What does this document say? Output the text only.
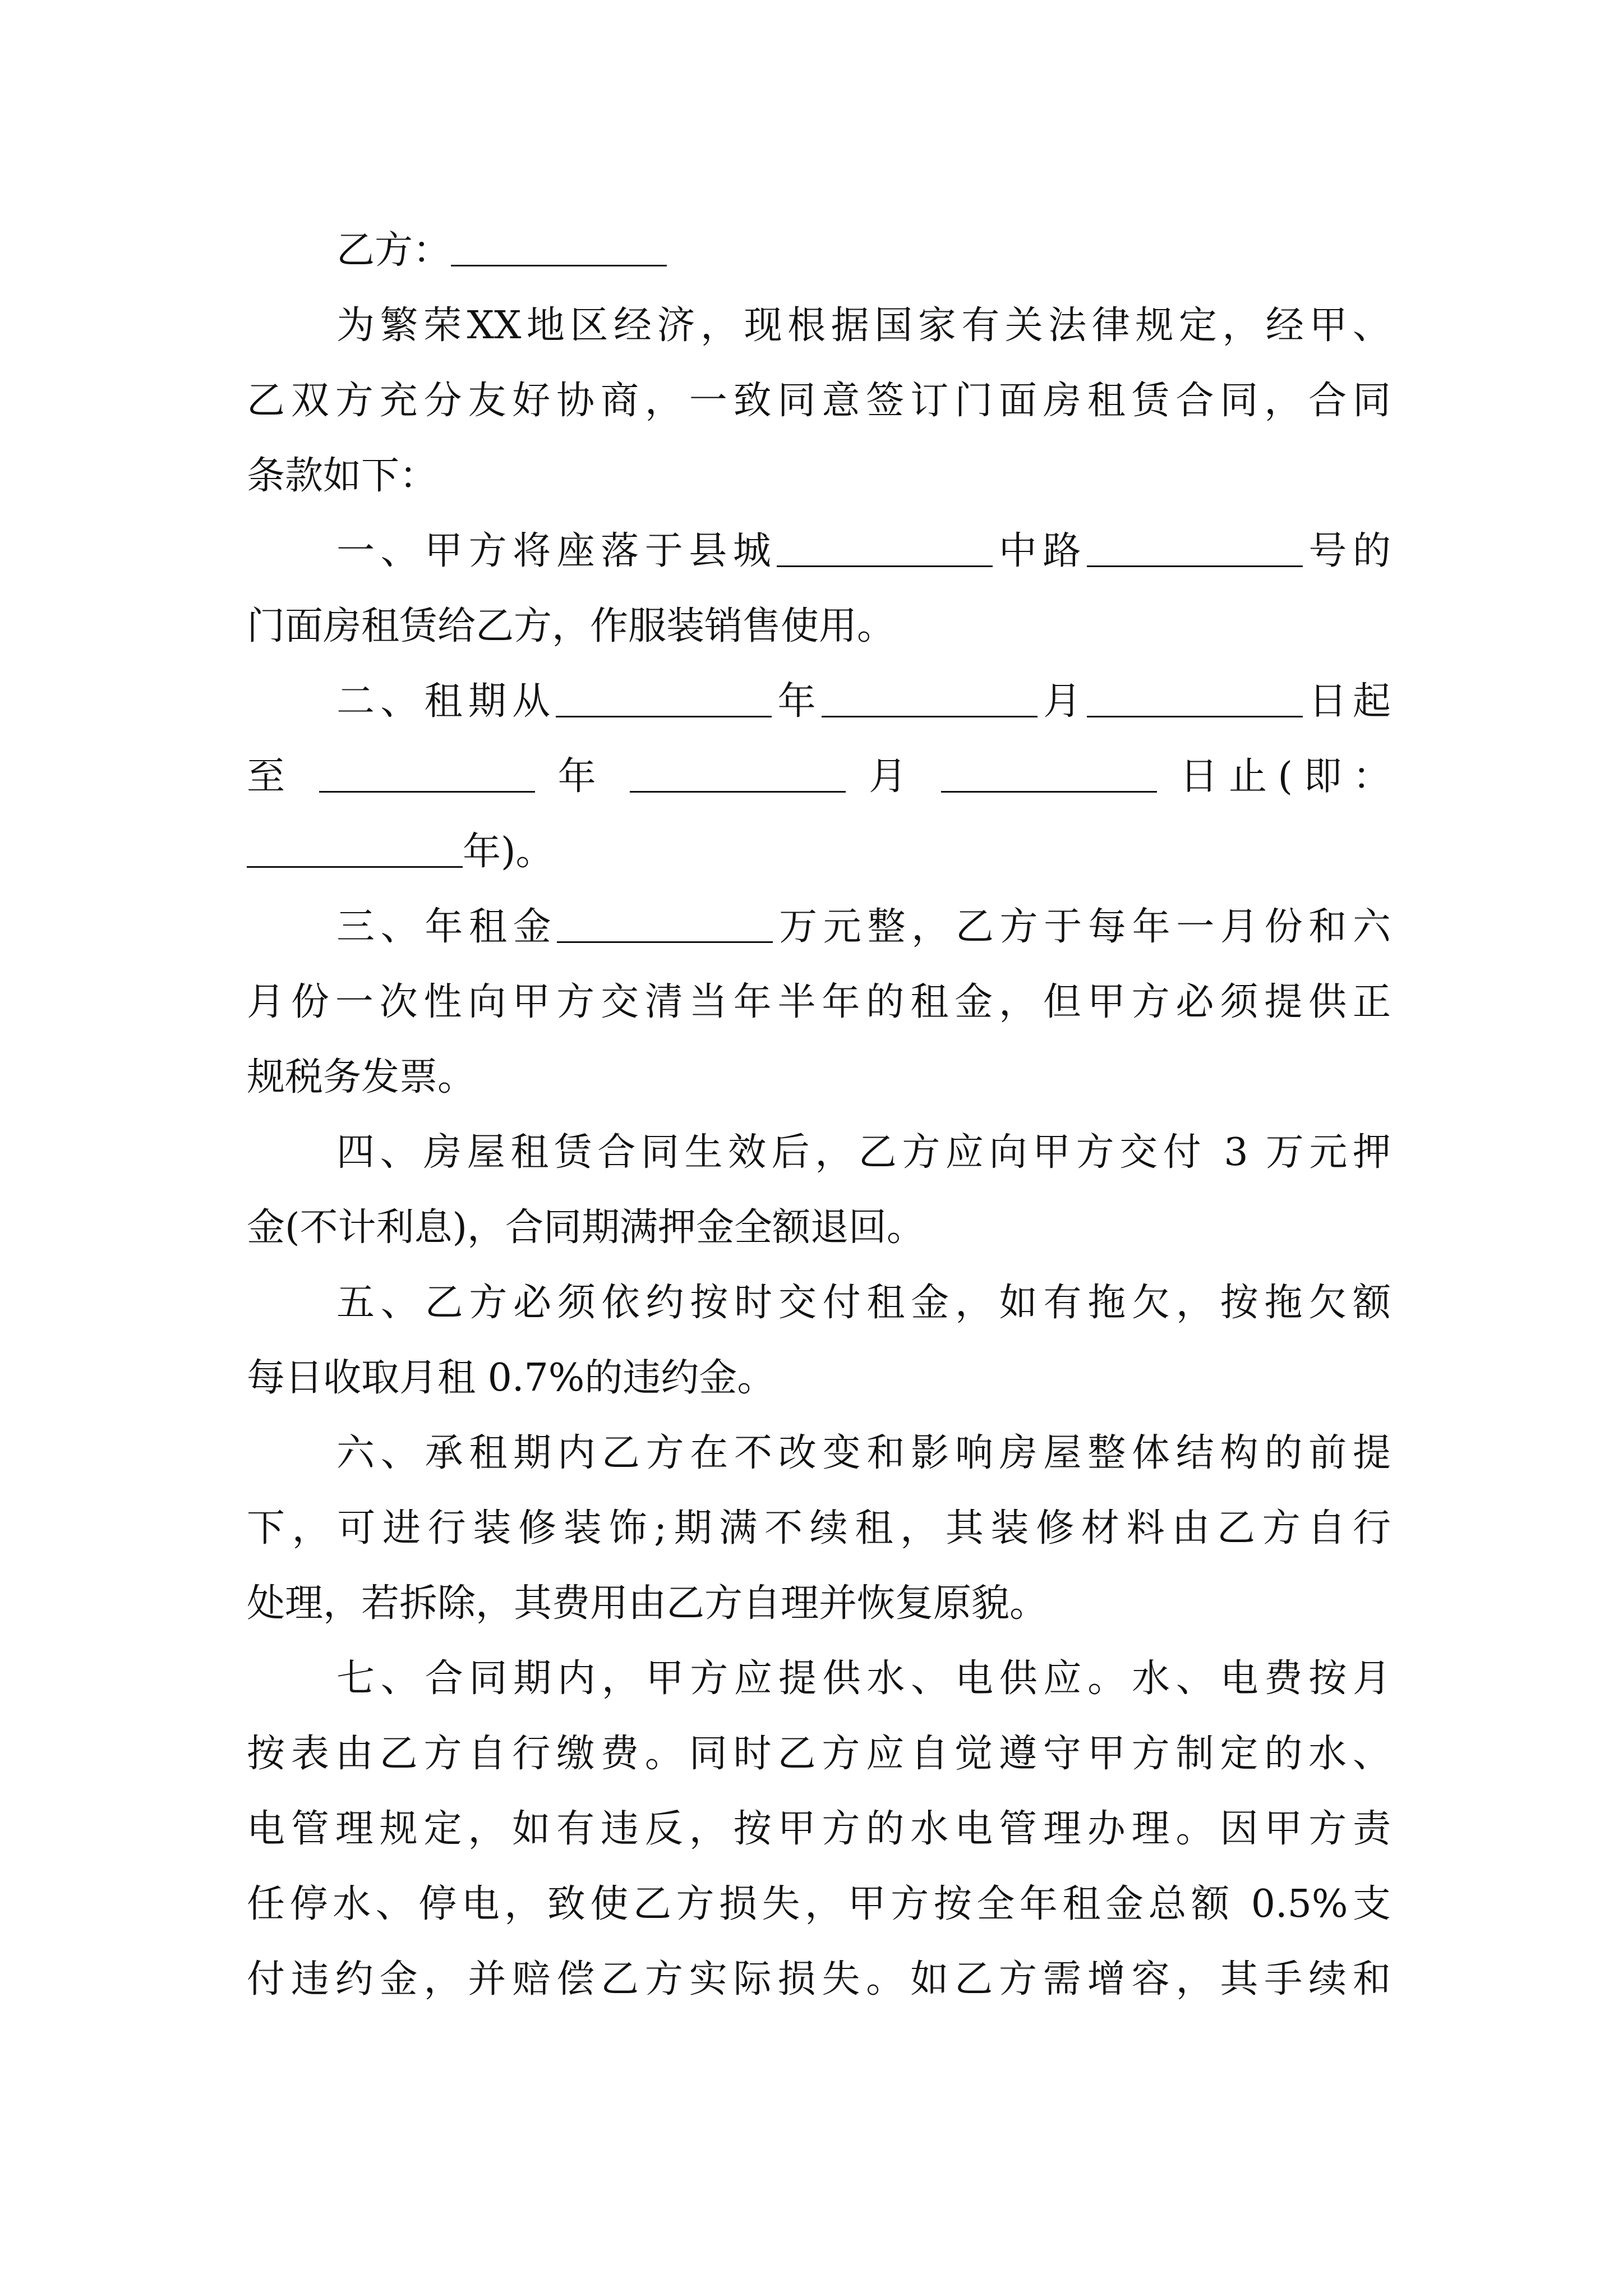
乙方：

为繁荣XX地区经济，现根据国家有关法律规定，经甲、

乙双方充分友好协商，一致同意签订门面房租赁合同，合同

条款如下：

一、甲方将座落于县城	中路	号的

门面房租赁给乙方，作服装销售使用。

二、租期从	年	月	日起

至	年	月	日止(即：

年)。

三、年租金	万元整，乙方于每年一月份和六

月份一次性向甲方交清当年半年的租金，但甲方必须提供正

规税务发票。

四、房屋租赁合同生效后，乙方应向甲方交付 3 万元押

金(不计利息)，合同期满押金全额退回。

五、乙方必须依约按时交付租金，如有拖欠，按拖欠额

每日收取月租 0.7%的违约金。

六、承租期内乙方在不改变和影响房屋整体结构的前提

下，可进行装修装饰;期满不续租，其装修材料由乙方自行

处理，若拆除，其费用由乙方自理并恢复原貌。

七、合同期内，甲方应提供水、电供应。水、电费按月

按表由乙方自行缴费。同时乙方应自觉遵守甲方制定的水、

电管理规定，如有违反，按甲方的水电管理办理。因甲方责

任停水、停电，致使乙方损失，甲方按全年租金总额 0.5%支

付违约金，并赔偿乙方实际损失。如乙方需增容，其手续和
